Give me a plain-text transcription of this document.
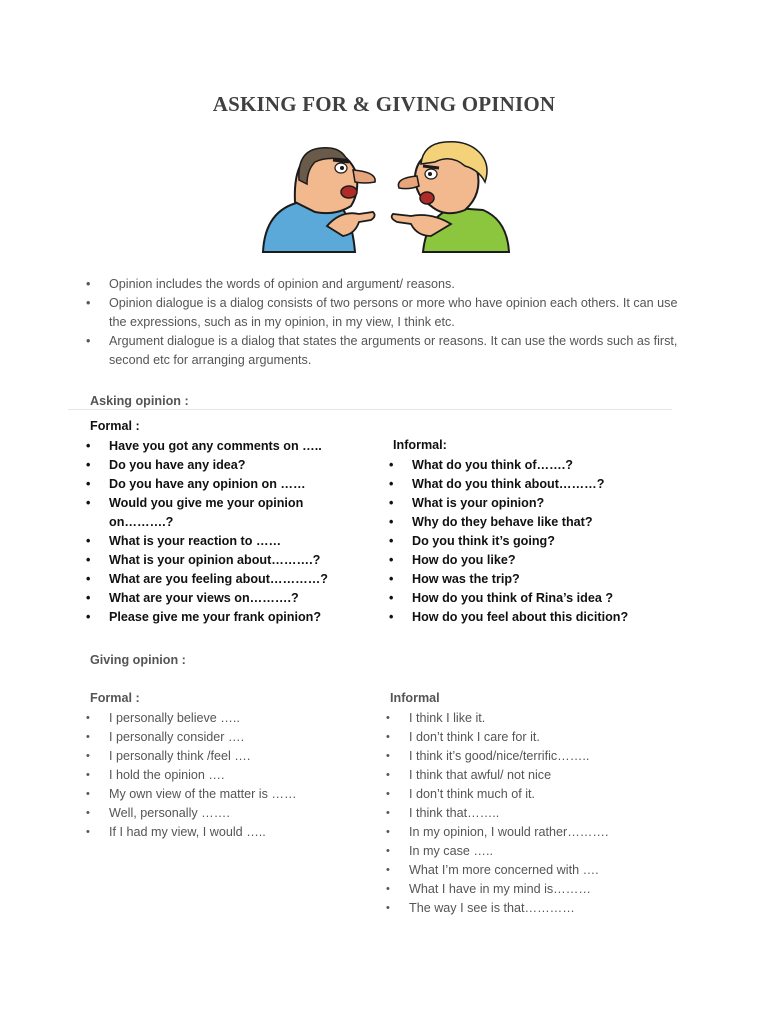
ASKING FOR & GIVING OPINION
• Opinion includes the words of opinion and argument/ reasons.
• Opinion dialogue is a dialog consists of two persons or more who have opinion each others. It can use the expressions, such as in my opinion, in my view, I think etc.
• Argument dialogue is a dialog that states the arguments or reasons. It can use the words such as first, second etc for arranging arguments.
Asking opinion :
Formal :
• Have you got any comments on …..
• Do you have any idea?
• Do you have any opinion on ……
• Would you give me your opinion on……….?
• What is your reaction to ……
• What is your opinion about……….?
• What are you feeling about…………?
• What are your views on……….?
• Please give me your frank opinion?
Informal:
• What do you think of…….?
• What do you think about………?
• What is your opinion?
• Why do they behave like that?
• Do you think it’s going?
• How do you like?
• How was the trip?
• How do you think of Rina’s idea ?
• How do you feel about this dicition?
Giving opinion :
Formal :
• I personally believe …..
• I personally consider ….
• I personally think /feel ….
• I hold the opinion ….
• My own view of the matter is ……
• Well, personally …….
• If I had my view, I would …..
Informal
• I think I like it.
• I don’t think I care for it.
• I think it’s good/nice/terrific……..
• I think that awful/ not nice
• I don’t think much of it.
• I think that……..
• In my opinion, I would rather……….
• In my case …..
• What I’m more concerned with ….
• What I have in my mind is………
• The way I see is that…………
